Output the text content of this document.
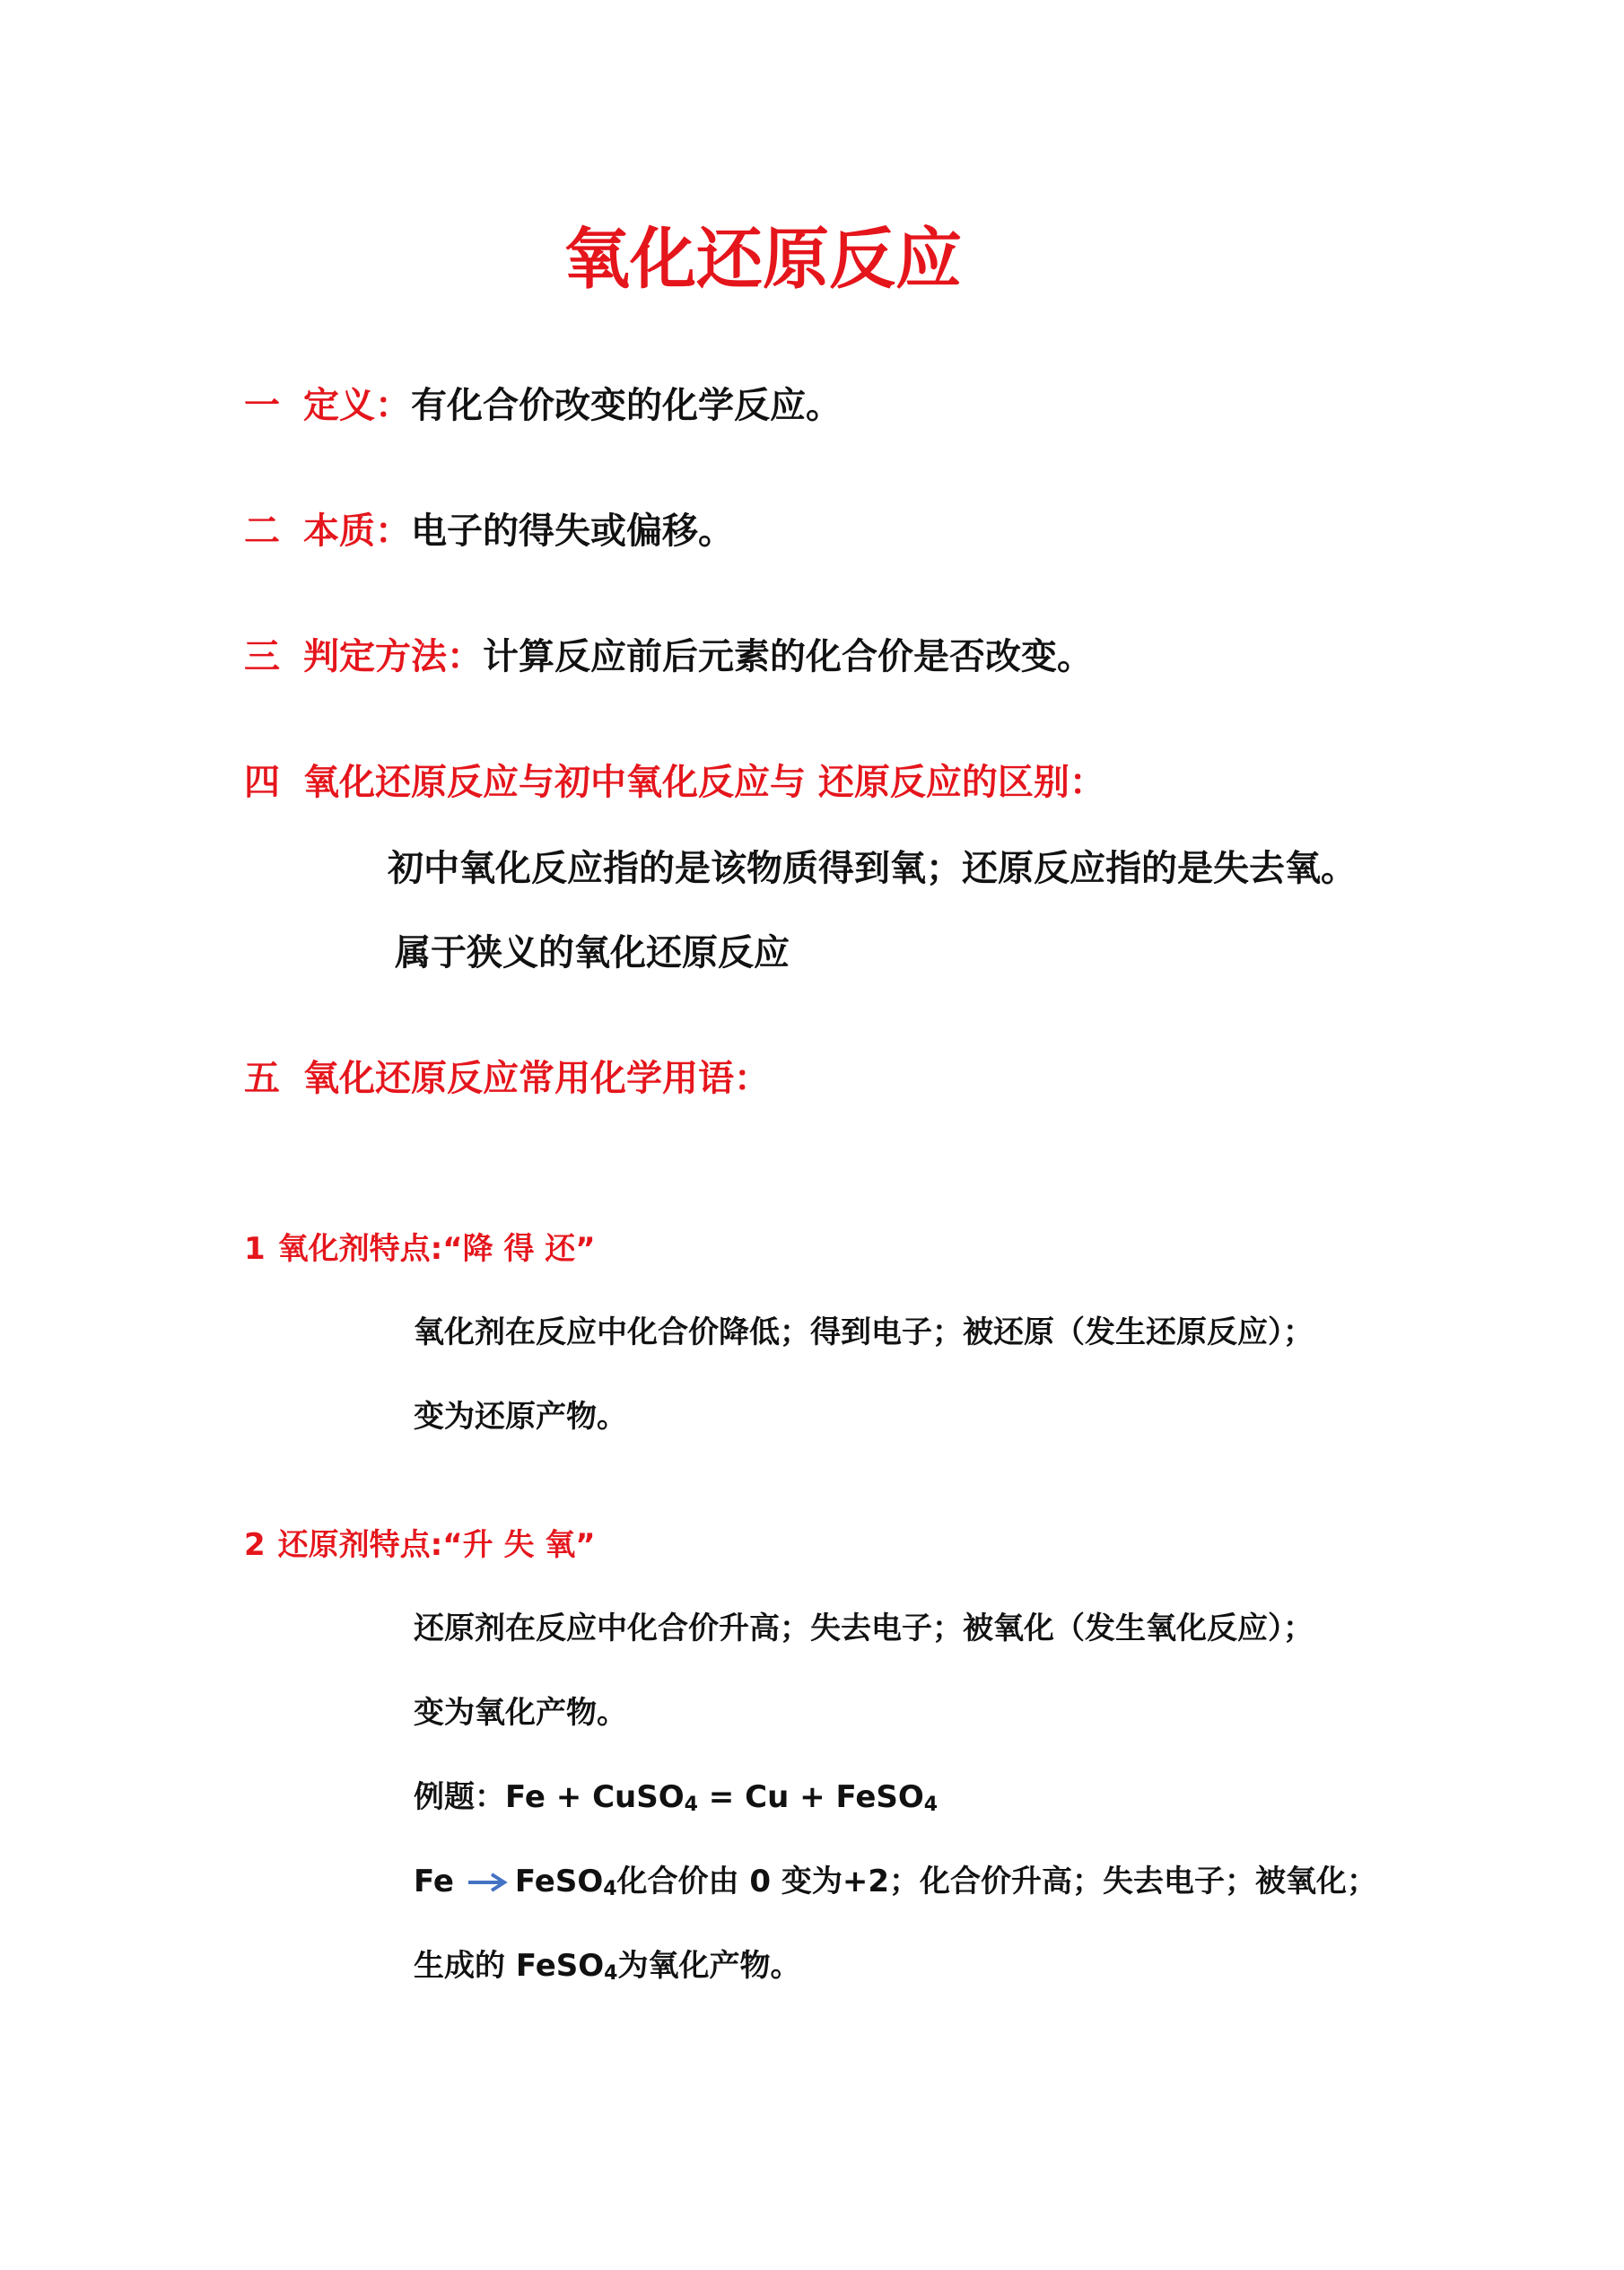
氧化还原反应
一 定义：有化合价改变的化学反应。
二 本质：电子的得失或偏移。
三 判定方法：计算反应前后元素的化合价是否改变。
四 氧化还原反应与初中氧化反应与 还原反应的区别：
初中氧化反应指的是该物质得到氧；还原反应指的是失去氧。
属于狭义的氧化还原反应
五 氧化还原反应常用化学用语：
1 氧化剂特点:“降 得 还”
氧化剂在反应中化合价降低；得到电子；被还原（发生还原反应）；
变为还原产物。
2 还原剂特点:“升 失 氧”
还原剂在反应中化合价升高；失去电子；被氧化（发生氧化反应）；
变为氧化产物。
例题：Fe + CuSO$_4$ = Cu + FeSO$_4$
Fe FeSO$_4$化合价由 0 变为+2；化合价升高；失去电子；被氧化；
生成的 FeSO$_4$为氧化产物。
